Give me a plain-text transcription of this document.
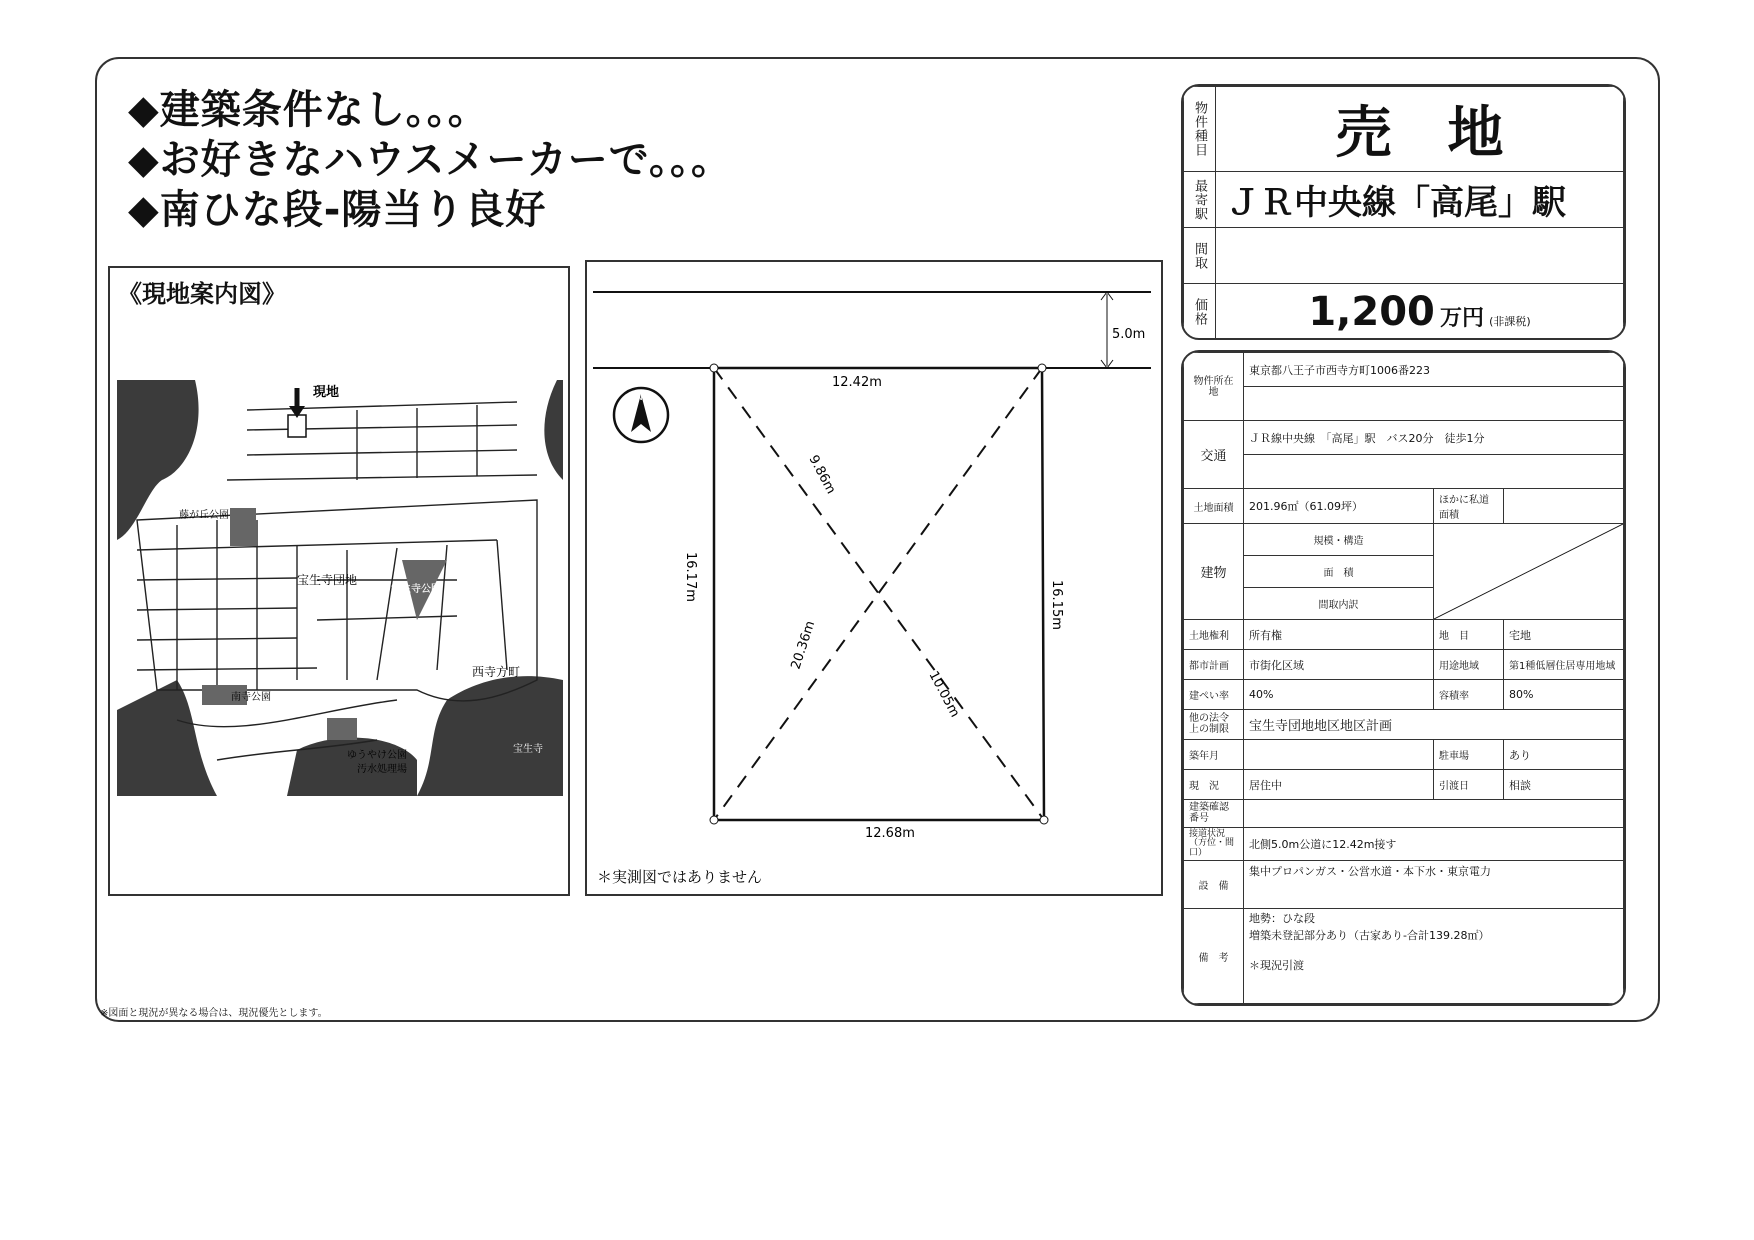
◆建築条件なし。。。
◆お好きなハウスメーカーで。。。
◆南ひな段-陽当り良好
《現地案内図》
現地
藤が丘公園
宝生寺団地
宝生寺公園
西寺方町
南寺公園
ゆうやけ公園
汚水処理場
宝生寺
5.0m
N
12.42m
12.68m
16.17m
16.15m
9.86m
20.36m
10.05m
＊実測図ではありません
物件種目	売　地
最寄駅	ＪＲ中央線「高尾」駅
間取	
価格	1,200 万円 (非課税)
物件所在地	東京都八王子市西寺方町1006番223		

交通	ＪＲ線中央線　「高尾」駅　バス20分　徒歩1分		

土地面積	201.96㎡（61.09坪）	ほかに私道面積	
建物	規模・構造	

	面　積		
	間取内訳		
土地権利	所有権	地　目	宅地
都市計画	市街化区域	用途地域	第1種低層住居専用地域
建ぺい率	40%	容積率	80%
他の法令上の制限	宝生寺団地地区地区計画		
築年月		駐車場	あり
現　況	居住中	引渡日	相談
建築確認番号			
接道状況（方位・間口）	北側5.0m公道に12.42m接す		
設　備	集中プロパンガス・公営水道・本下水・東京電力		
備　考	地勢：ひな段
増築未登記部分あり（古家あり-合計139.28㎡）
＊現況引渡		
※図面と現況が異なる場合は、現況優先とします。
